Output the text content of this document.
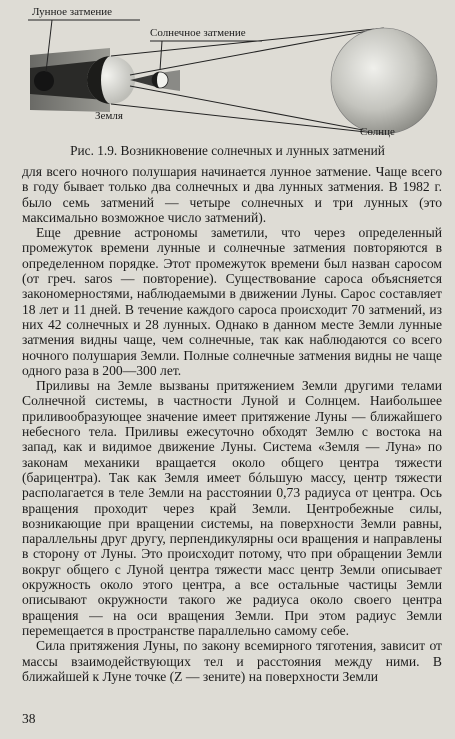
Лунное затмение
Солнечное затмение
Земля
Солнце
Рис. 1.9. Возникновение солнечных и лунных затмений

для всего ночного полушария начинается лунное затмение. Чаще всего в году бывает только два солнечных и два лунных затмения. В 1982 г. было семь затмений — четыре солнечных и три лунных (это максимально возможное число затмений).

Еще древние астрономы заметили, что через определенный промежуток времени лунные и солнечные затмения повторяются в определенном порядке. Этот промежуток времени был назван саросом (от греч. saros — повторение). Существование сароса объясняется закономерностями, наблюдаемыми в движении Луны. Сарос составляет 18 лет и 11 дней. В течение каждого сароса происходит 70 затмений, из них 42 солнечных и 28 лунных. Однако в данном месте Земли лунные затмения видны чаще, чем солнечные, так как наблюдаются со всего ночного полушария Земли. Полные солнечные затмения видны не чаще одного раза в 200—300 лет.

Приливы на Земле вызваны притяжением Земли другими телами Солнечной системы, в частности Луной и Солнцем. Наибольшее приливообразующее значение имеет притяжение Луны — ближайшего небесного тела. Приливы ежесуточно обходят Землю с востока на запад, как и видимое движение Луны. Система «Земля — Луна» по законам механики вращается около общего центра тяжести (барицентра). Так как Земля имеет бóльшую массу, центр тяжести располагается в теле Земли на расстоянии 0,73 радиуса от центра. Ось вращения проходит через край Земли. Центробежные силы, возникающие при вращении системы, на поверхности Земли равны, параллельны друг другу, перпендикулярны оси вращения и направлены в сторону от Луны. Это происходит потому, что при обращении Земли вокруг общего с Луной центра тяжести масс центр Земли описывает окружность около этого центра, а все остальные частицы Земли описывают окружности такого же радиуса около своего центра вращения — на оси вращения Земли. При этом радиус Земли перемещается в пространстве параллельно самому себе.

Сила притяжения Луны, по закону всемирного тяготения, зависит от массы взаимодействующих тел и расстояния между ними. В ближайшей к Луне точке (Z — зените) на поверхности Земли

38
